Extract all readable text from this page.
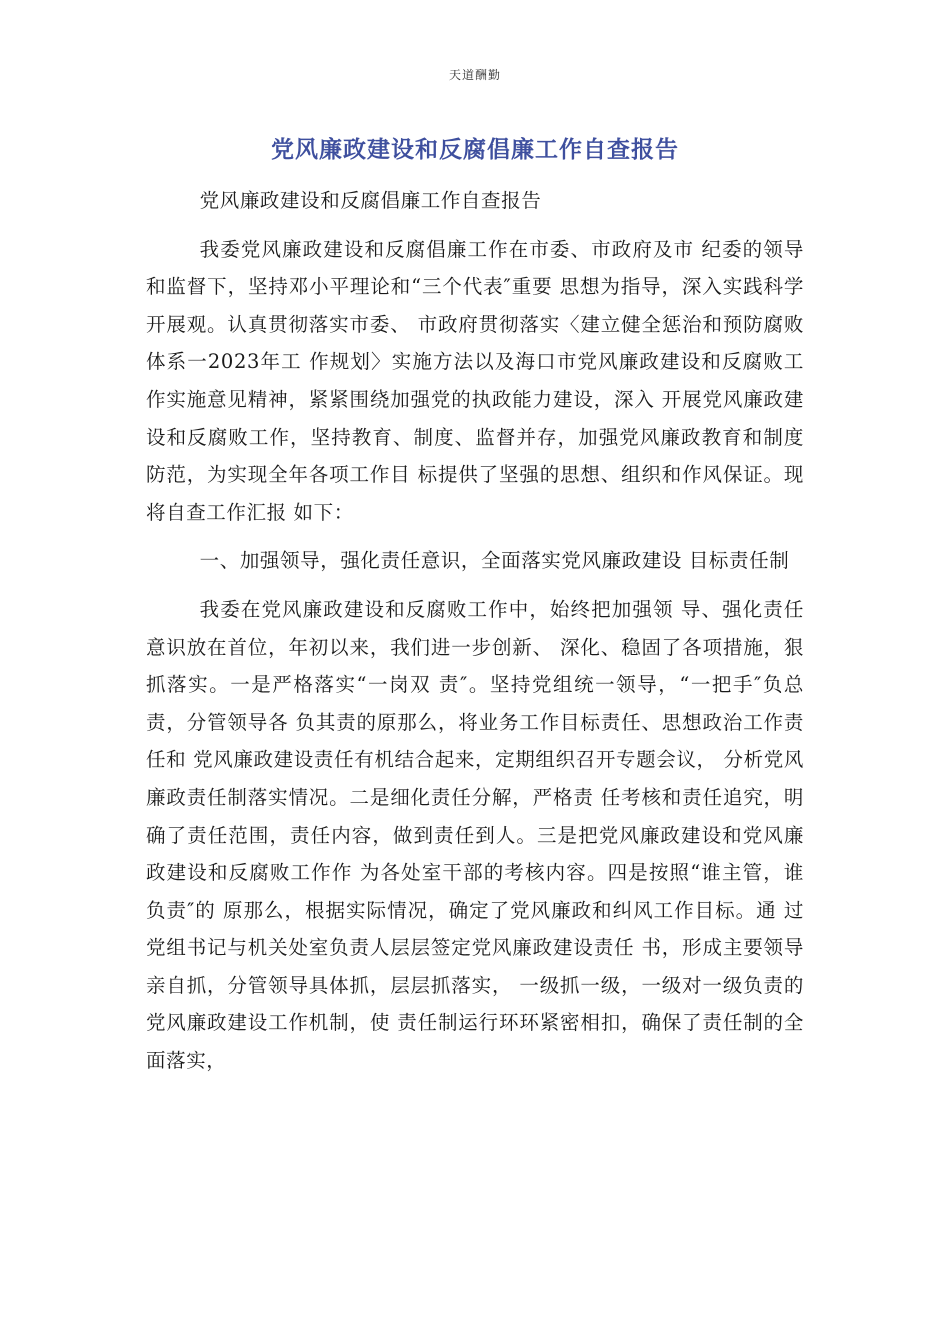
天道酬勤
党风廉政建设和反腐倡廉工作自查报告

党风廉政建设和反腐倡廉工作自查报告

我委党风廉政建设和反腐倡廉工作在市委、市政府及市 纪委的领导和监督下，坚持邓小平理论和“三个代表″重要 思想为指导，深入实践科学开展观。认真贯彻落实市委、 市政府贯彻落实〈建立健全惩治和预防腐败体系一2023年工 作规划〉实施方法以及海口市党风廉政建设和反腐败工 作实施意见精神，紧紧围绕加强党的执政能力建设，深入 开展党风廉政建设和反腐败工作，坚持教育、制度、监督并存，加强党风廉政教育和制度防范，为实现全年各项工作目 标提供了坚强的思想、组织和作风保证。现将自查工作汇报 如下：

一、加强领导，强化责任意识，全面落实党风廉政建设 目标责任制

我委在党风廉政建设和反腐败工作中，始终把加强领 导、强化责任意识放在首位，年初以来，我们进一步创新、 深化、稳固了各项措施，狠抓落实。一是严格落实“一岗双 责″。坚持党组统一领导，“一把手″负总责，分管领导各 负其责的原那么，将业务工作目标责任、思想政治工作责任和 党风廉政建设责任有机结合起来，定期组织召开专题会议， 分析党风廉政责任制落实情况。二是细化责任分解，严格责 任考核和责任追究，明确了责任范围，责任内容，做到责任到人。三是把党风廉政建设和党风廉政建设和反腐败工作作 为各处室干部的考核内容。四是按照“谁主管，谁负责″的 原那么，根据实际情况，确定了党风廉政和纠风工作目标。通 过党组书记与机关处室负责人层层签定党风廉政建设责任 书，形成主要领导亲自抓，分管领导具体抓，层层抓落实， 一级抓一级，一级对一级负责的党风廉政建设工作机制，使 责任制运行环环紧密相扣，确保了责任制的全面落实，
